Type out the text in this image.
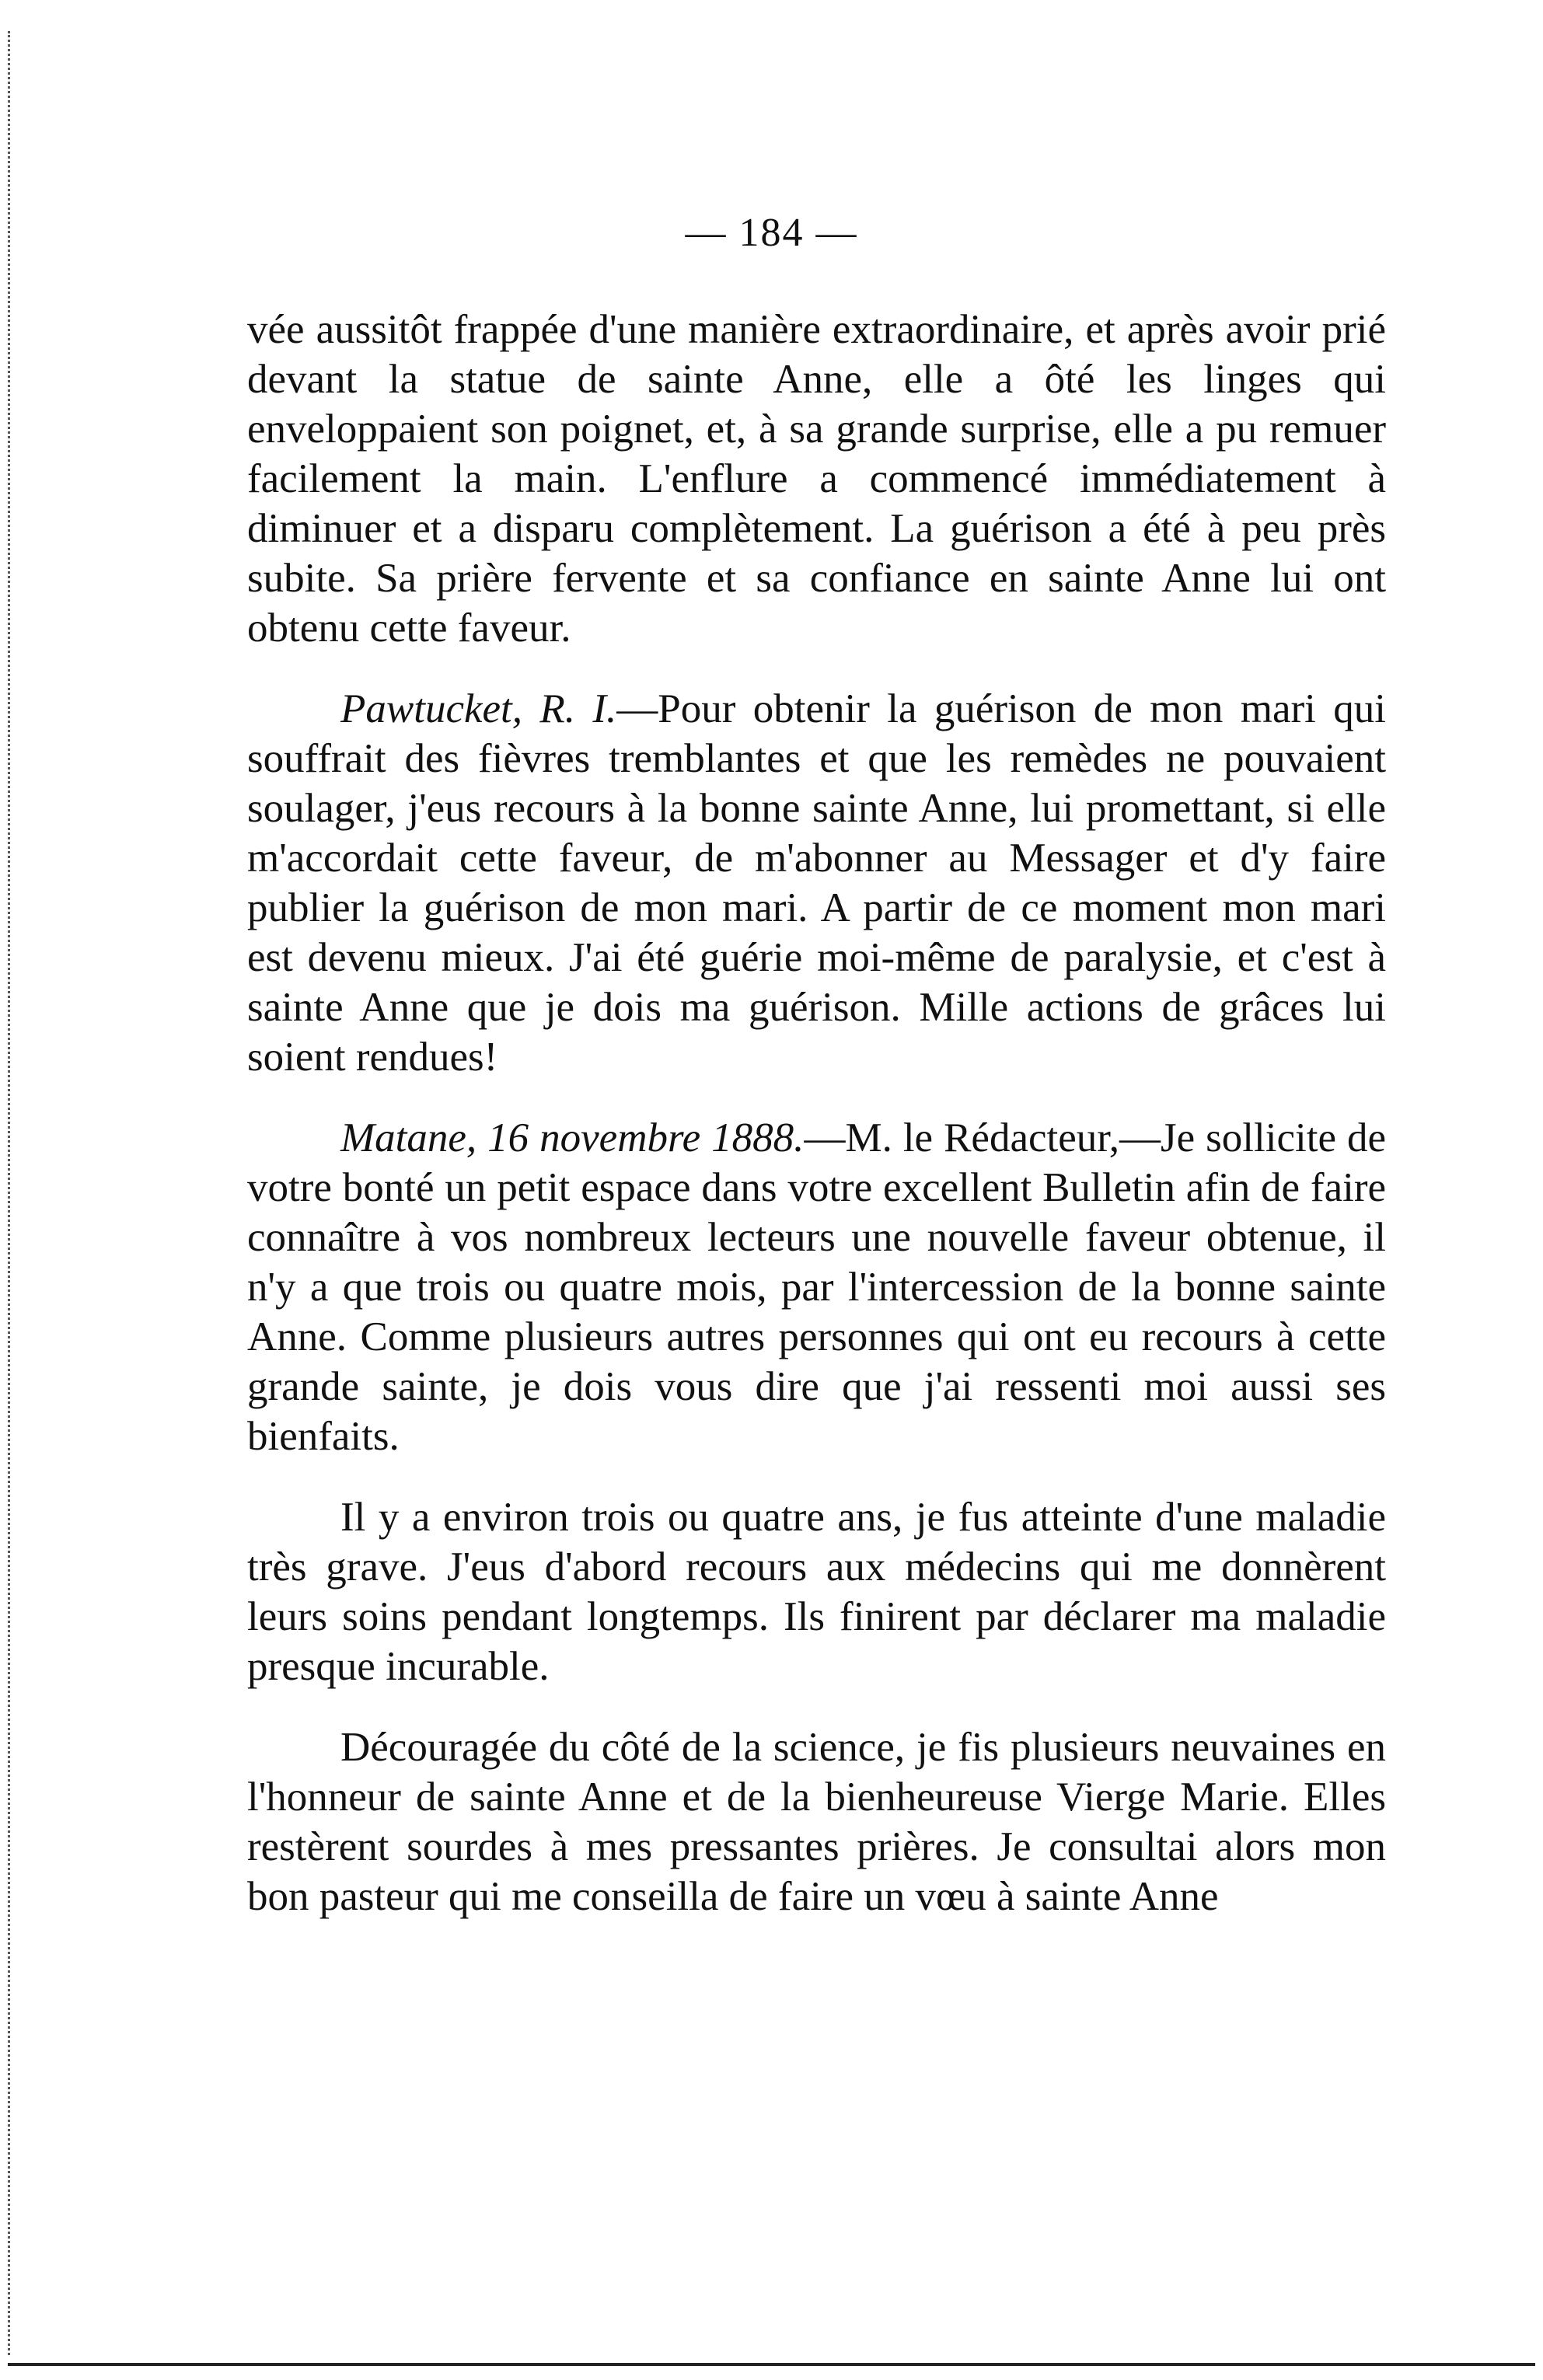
— 184 —

vée aussitôt frappée d'une manière extraordinaire, et après avoir prié devant la statue de sainte Anne, elle a ôté les linges qui enveloppaient son poignet, et, à sa grande surprise, elle a pu remuer facilement la main. L'enflure a commencé immédiatement à diminuer et a disparu complètement. La guérison a été à peu près subite. Sa prière fervente et sa confiance en sainte Anne lui ont obtenu cette faveur.

Pawtucket, R. I.—Pour obtenir la guérison de mon mari qui souffrait des fièvres tremblantes et que les remèdes ne pouvaient soulager, j'eus recours à la bonne sainte Anne, lui promettant, si elle m'accordait cette faveur, de m'abonner au Messager et d'y faire publier la guérison de mon mari. A partir de ce moment mon mari est devenu mieux. J'ai été guérie moi-même de paralysie, et c'est à sainte Anne que je dois ma guérison. Mille actions de grâces lui soient rendues!

Matane, 16 novembre 1888.—M. le Rédacteur,—Je sollicite de votre bonté un petit espace dans votre excellent Bulletin afin de faire connaître à vos nombreux lecteurs une nouvelle faveur obtenue, il n'y a que trois ou quatre mois, par l'intercession de la bonne sainte Anne. Comme plusieurs autres personnes qui ont eu recours à cette grande sainte, je dois vous dire que j'ai ressenti moi aussi ses bienfaits.

Il y a environ trois ou quatre ans, je fus atteinte d'une maladie très grave. J'eus d'abord recours aux médecins qui me donnèrent leurs soins pendant longtemps. Ils finirent par déclarer ma maladie presque incurable.

Découragée du côté de la science, je fis plusieurs neuvaines en l'honneur de sainte Anne et de la bienheureuse Vierge Marie. Elles restèrent sourdes à mes pressantes prières. Je consultai alors mon bon pasteur qui me conseilla de faire un vœu à sainte Anne
